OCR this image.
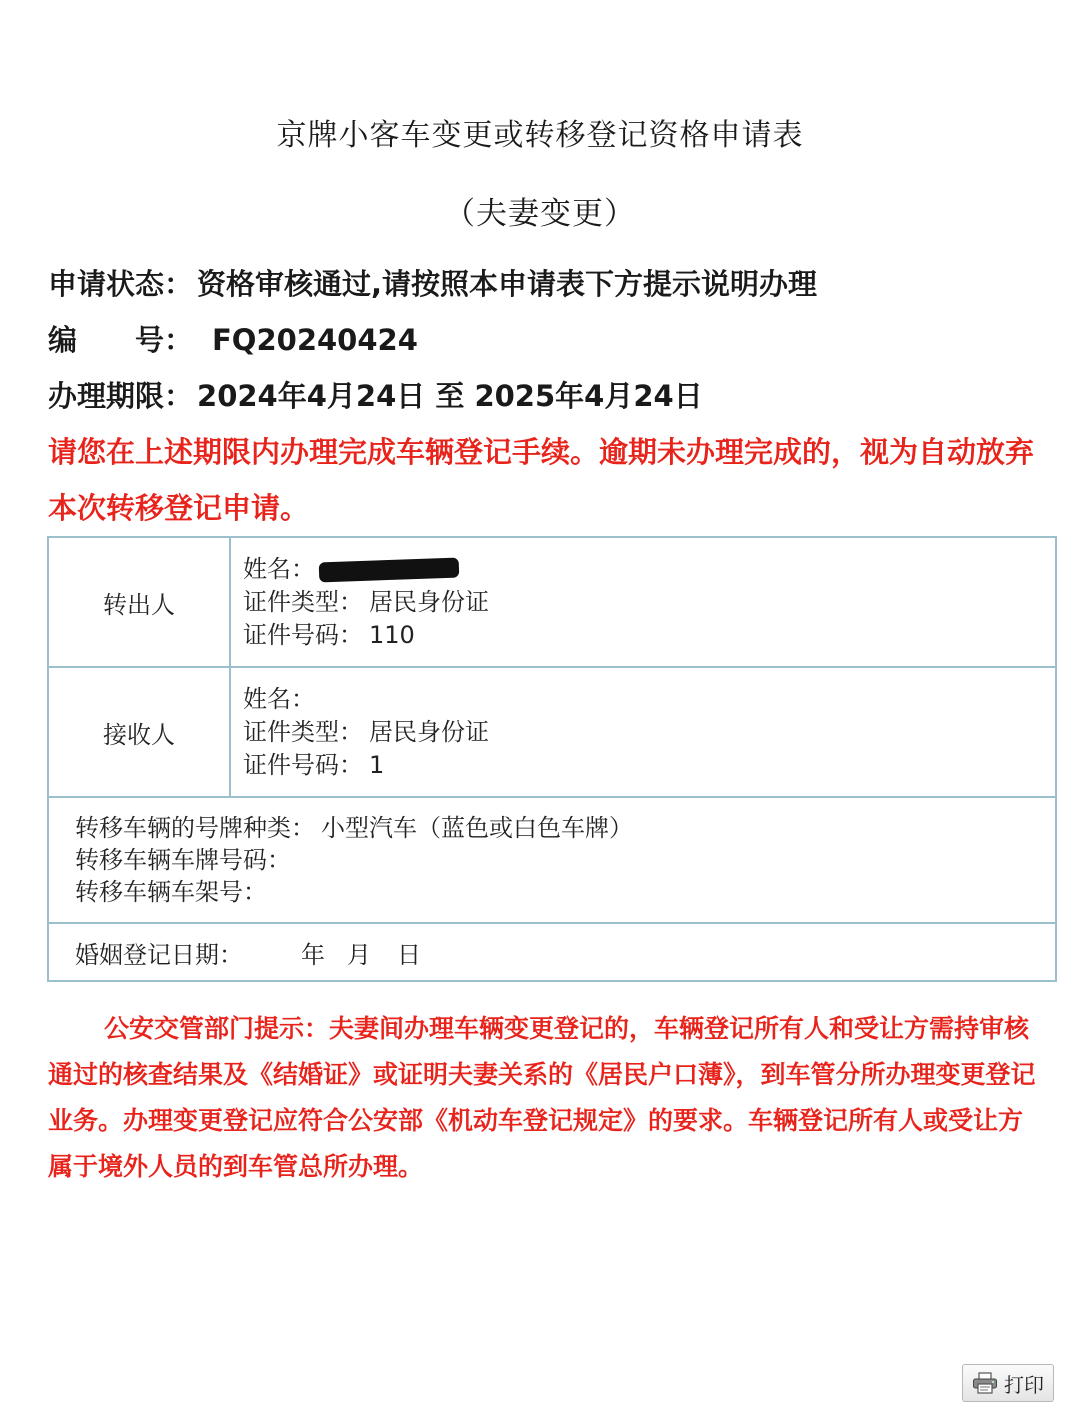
京牌小客车变更或转移登记资格申请表
（夫妻变更）
申请状态： 资格审核通过,请按照本申请表下方提示说明办理
编　　号： FQ20240424
办理期限： 2024年4月24日 至 2025年4月24日
请您在上述期限内办理完成车辆登记手续。逾期未办理完成的，视为自动放弃本次转移登记申请。
转出人	姓名：
证件类型： 居民身份证
证件号码： 110

接收人	姓名：
证件类型： 居民身份证
证件号码： 1

转移车辆的号牌种类： 小型汽车（蓝色或白色车牌）
转移车辆车牌号码：
转移车辆车架号：	

婚姻登记日期： 年 月 日	
公安交管部门提示：夫妻间办理车辆变更登记的，车辆登记所有人和受让方需持审核通过的核查结果及《结婚证》或证明夫妻关系的《居民户口薄》，到车管分所办理变更登记业务。办理变更登记应符合公安部《机动车登记规定》的要求。车辆登记所有人或受让方属于境外人员的到车管总所办理。
打印
